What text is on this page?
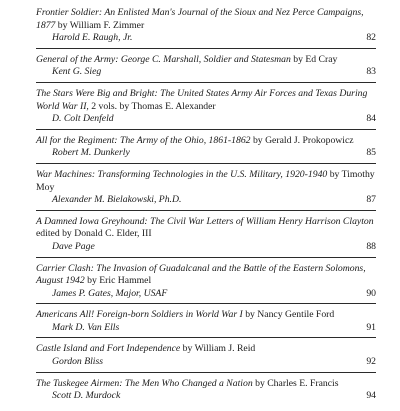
Frontier Soldier: An Enlisted Man's Journal of the Sioux and Nez Perce Campaigns, 1877 by William F. Zimmer

Harold E. Raugh, Jr.	82

General of the Army: George C. Marshall, Soldier and Statesman by Ed Cray

Kent G. Sieg	83

The Stars Were Big and Bright: The United States Army Air Forces and Texas During World War II, 2 vols. by Thomas E. Alexander

D. Colt Denfeld	84

All for the Regiment: The Army of the Ohio, 1861-1862 by Gerald J. Prokopowicz

Robert M. Dunkerly	85

War Machines: Transforming Technologies in the U.S. Military, 1920-1940 by Timothy Moy

Alexander M. Bielakowski, Ph.D.	87

A Damned Iowa Greyhound: The Civil War Letters of William Henry Harrison Clayton edited by Donald C. Elder, III

Dave Page	88

Carrier Clash: The Invasion of Guadalcanal and the Battle of the Eastern Solomons, August 1942 by Eric Hammel

James P. Gates, Major, USAF	90

Americans All! Foreign-born Soldiers in World War I by Nancy Gentile Ford

Mark D. Van Ells	91

Castle Island and Fort Independence by William J. Reid

Gordon Bliss	92

The Tuskegee Airmen: The Men Who Changed a Nation by Charles E. Francis

Scott D. Murdock	94
